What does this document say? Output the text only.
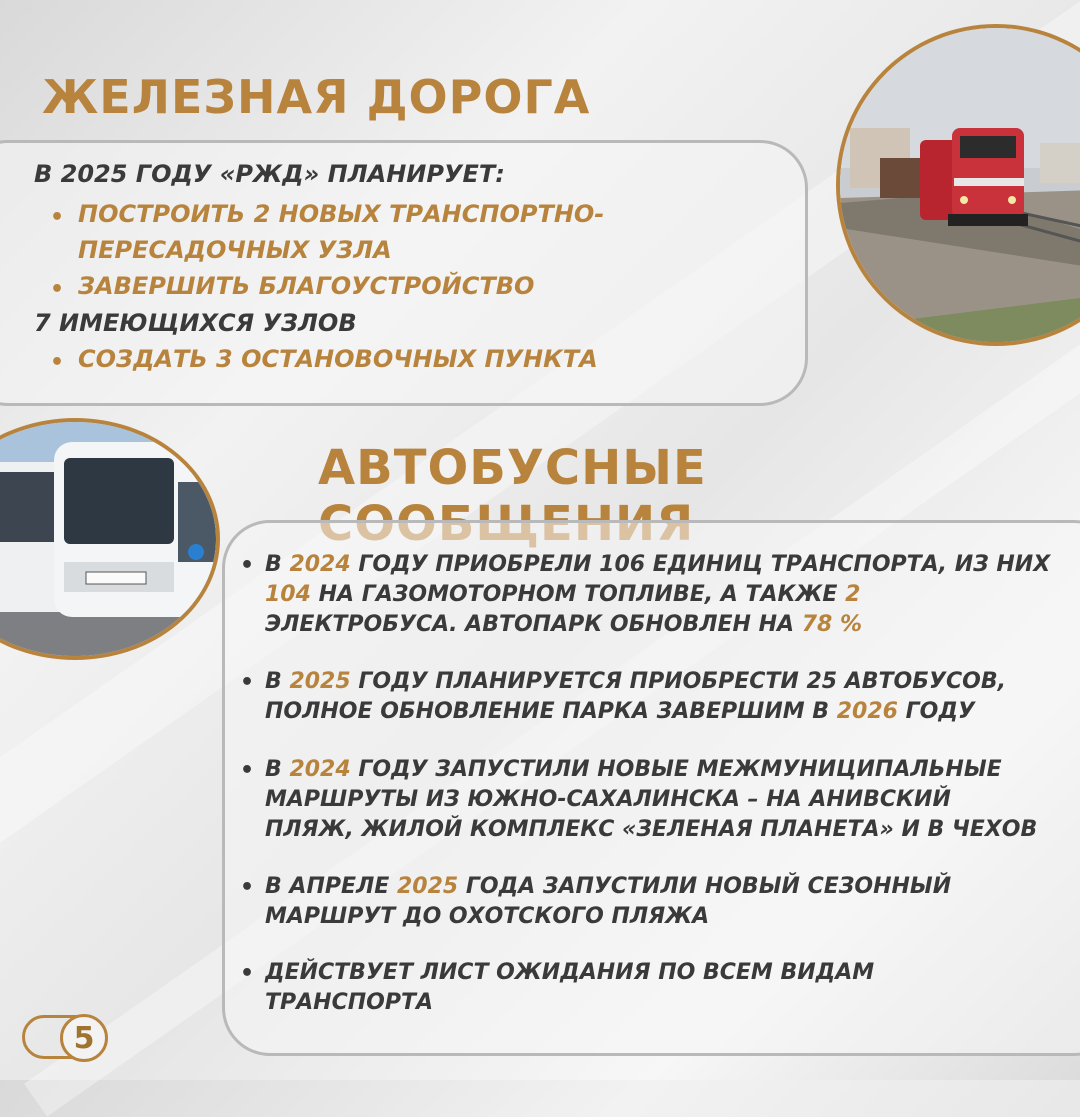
ЖЕЛЕЗНАЯ ДОРОГА

В 2025 ГОДУ «РЖД» ПЛАНИРУЕТ:

• ПОСТРОИТЬ 2 НОВЫХ ТРАНСПОРТНО-

ПЕРЕСАДОЧНЫХ УЗЛА

• ЗАВЕРШИТЬ БЛАГОУСТРОЙСТВО

7 ИМЕЮЩИХСЯ УЗЛОВ

• СОЗДАТЬ 3 ОСТАНОВОЧНЫХ ПУНКТА

АВТОБУСНЫЕ
• В 2024 ГОДУ ПРИОБРЕЛИ 106 ЕДИНИЦ ТРАНСПОРТА, ИЗ НИХ
104 НА ГАЗОМОТОРНОМ ТОПЛИВЕ, А ТАКЖЕ 2
ЭЛЕКТРОБУСА. АВТОПАРК ОБНОВЛЕН НА 78 %

• В 2025 ГОДУ ПЛАНИРУЕТСЯ ПРИОБРЕСТИ 25 АВТОБУСОВ,
ПОЛНОЕ ОБНОВЛЕНИЕ ПАРКА ЗАВЕРШИМ В 2026 ГОДУ

• В 2024 ГОДУ ЗАПУСТИЛИ НОВЫЕ МЕЖМУНИЦИПАЛЬНЫЕ
МАРШРУТЫ ИЗ ЮЖНО-САХАЛИНСКА – НА АНИВСКИЙ
ПЛЯЖ, ЖИЛОЙ КОМПЛЕКС «ЗЕЛЕНАЯ ПЛАНЕТА» И В ЧЕХОВ

• В АПРЕЛЕ 2025 ГОДА ЗАПУСТИЛИ НОВЫЙ СЕЗОННЫЙ
МАРШРУТ ДО ОХОТСКОГО ПЛЯЖА

• ДЕЙСТВУЕТ ЛИСТ ОЖИДАНИЯ ПО ВСЕМ ВИДАМ
ТРАНСПОРТА

5
